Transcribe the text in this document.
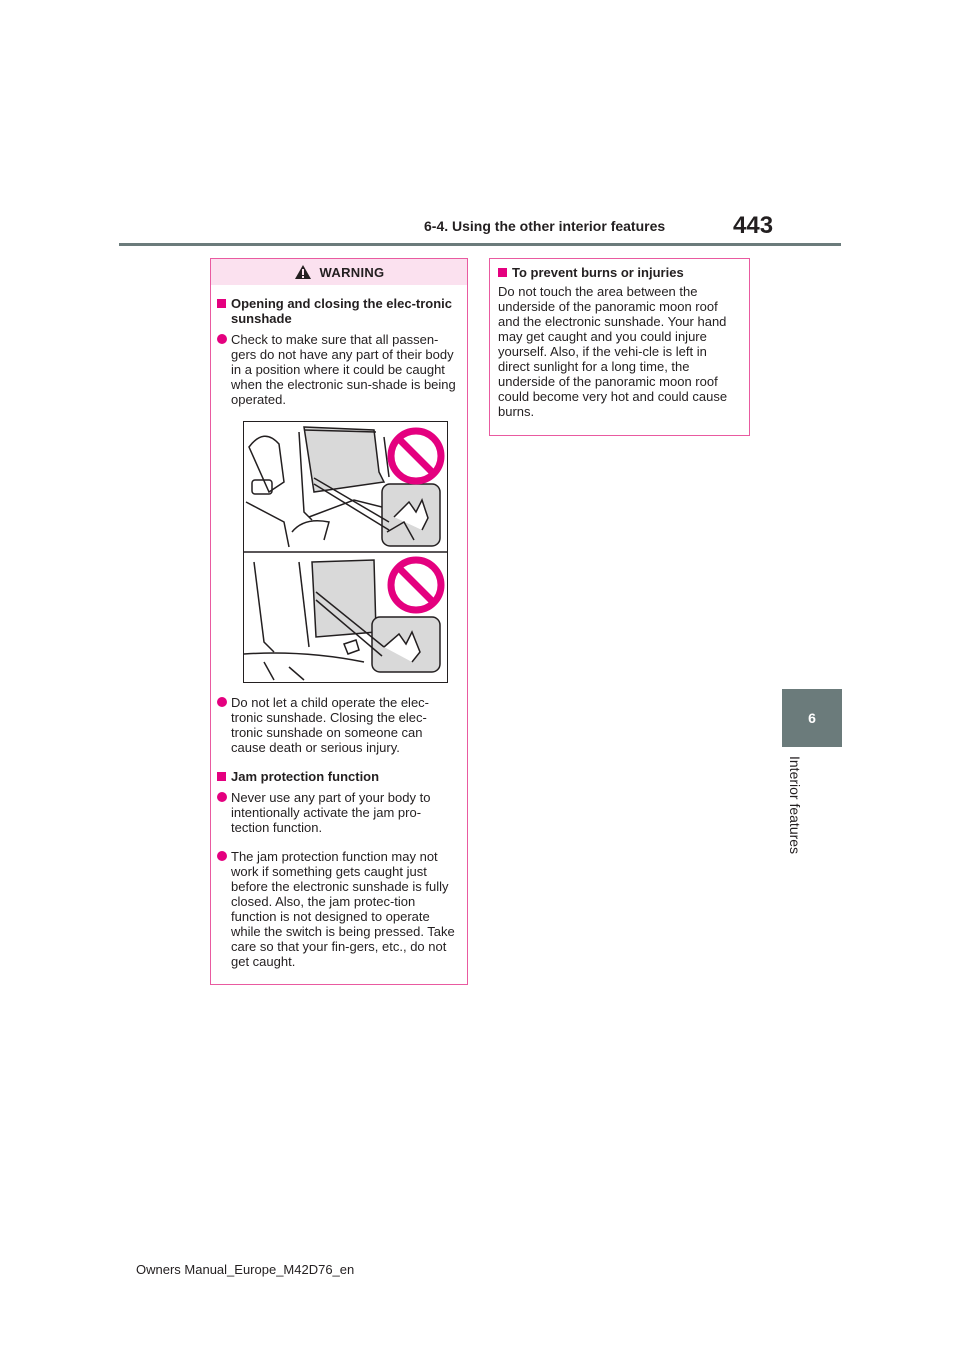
6-4. Using the other interior features	443
6
Interior features
WARNING
Opening and closing the elec-tronic sunshade
Check to make sure that all passen-gers do not have any part of their body in a position where it could be caught when the electronic sun-shade is being operated.
Do not let a child operate the elec-tronic sunshade. Closing the elec-tronic sunshade on someone can cause death or serious injury.
Jam protection function
Never use any part of your body to intentionally activate the jam pro-tection function.
The jam protection function may not work if something gets caught just before the electronic sunshade is fully closed. Also, the jam protec-tion function is not designed to operate while the switch is being pressed. Take care so that your fin-gers, etc., do not get caught.
To prevent burns or injuries
Do not touch the area between the underside of the panoramic moon roof and the electronic sunshade. Your hand may get caught and you could injure yourself. Also, if the vehi-cle is left in direct sunlight for a long time, the underside of the panoramic moon roof could become very hot and could cause burns.
Owners Manual_Europe_M42D76_en
